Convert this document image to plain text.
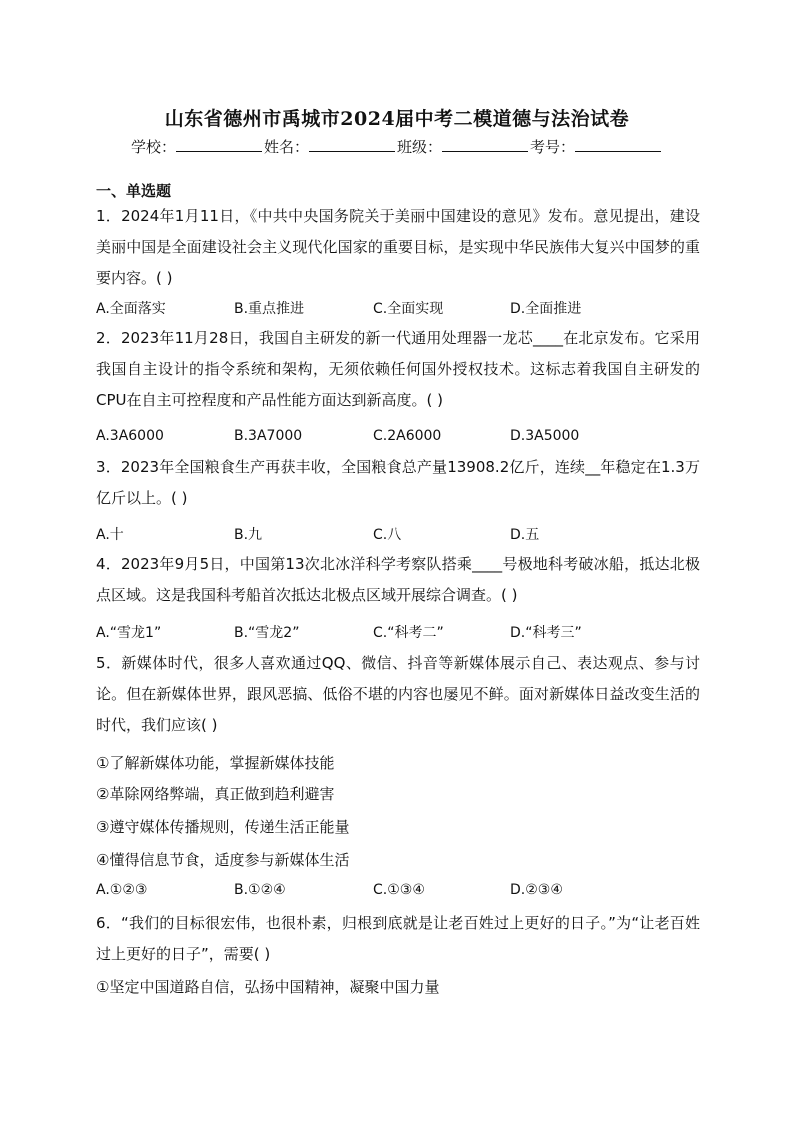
山东省德州市禹城市2024届中考二模道德与法治试卷
学校：	姓名：	班级：	考号：
一、单选题
1．2024年1月11日，《中共中央国务院关于美丽中国建设的意见》发布。意见提出，建设美丽中国是全面建设社会主义现代化国家的重要目标，是实现中华民族伟大复兴中国梦的重要内容。( )
A.全面落实	B.重点推进	C.全面实现	D.全面推进
2．2023年11月28日，我国自主研发的新一代通用处理器一龙芯____在北京发布。它采用我国自主设计的指令系统和架构，无须依赖任何国外授权技术。这标志着我国自主研发的CPU在自主可控程度和产品性能方面达到新高度。( )
A.3A6000	B.3A7000	C.2A6000	D.3A5000
3．2023年全国粮食生产再获丰收，全国粮食总产量13908.2亿斤，连续__年稳定在1.3万亿斤以上。( )
A.十	B.九	C.八	D.五
4．2023年9月5日，中国第13次北冰洋科学考察队搭乘____号极地科考破冰船，抵达北极点区域。这是我国科考船首次抵达北极点区域开展综合调查。( )
A.“雪龙1”	B.“雪龙2”	C.“科考二”	D.“科考三”
5．新媒体时代，很多人喜欢通过QQ、微信、抖音等新媒体展示自己、表达观点、参与讨论。但在新媒体世界，跟风恶搞、低俗不堪的内容也屡见不鲜。面对新媒体日益改变生活的时代，我们应该( )
①了解新媒体功能，掌握新媒体技能
②革除网络弊端，真正做到趋利避害
③遵守媒体传播规则，传递生活正能量
④懂得信息节食，适度参与新媒体生活
A.①②③	B.①②④	C.①③④	D.②③④
6．“我们的目标很宏伟，也很朴素，归根到底就是让老百姓过上更好的日子。”为“让老百姓过上更好的日子”，需要( )
①坚定中国道路自信，弘扬中国精神，凝聚中国力量
